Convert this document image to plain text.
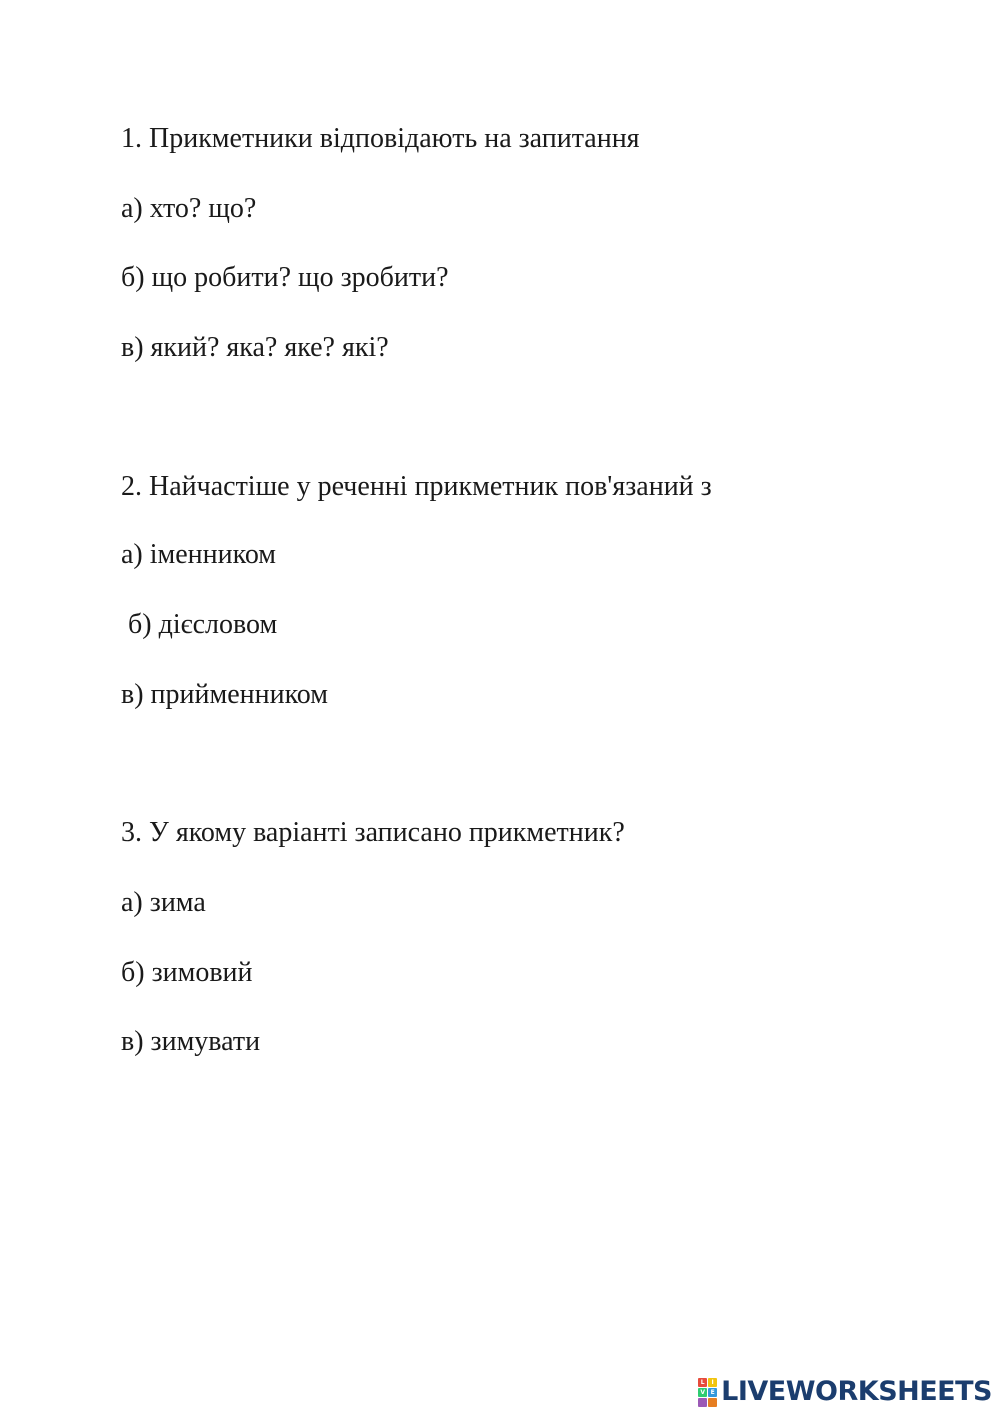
1. Прикметники відповідають на запитання

а) хто? що?

б) що робити? що зробити?

в) який? яка? яке? які?

2. Найчастіше у реченні прикметник пов'язаний з

а) іменником

б) дієсловом

в) прийменником

3. У якому варіанті записано прикметник?

а) зима

б) зимовий

в) зимувати

L	I
V E LIVEWORKSHEETS
